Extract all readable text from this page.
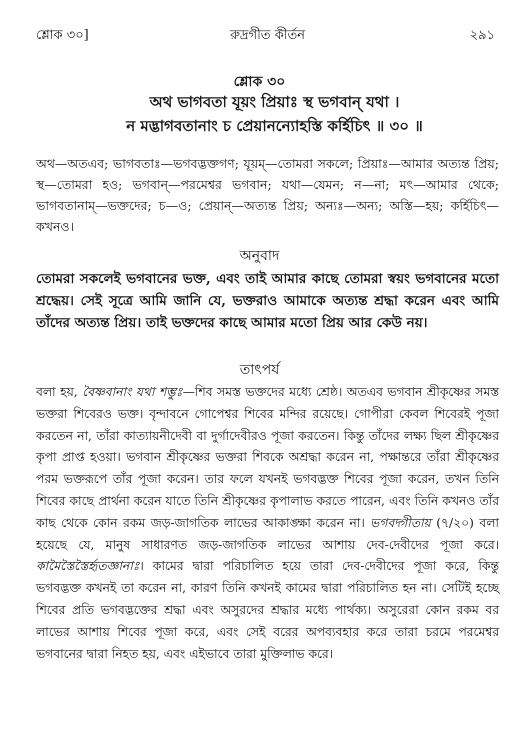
শ্লোক ৩০]	রুদ্রগীত কীর্তন	২৯১
শ্লোক ৩০
অথ ভাগবতা যূয়ং প্রিয়াঃ স্থ ভগবান্ যথা ।
ন মদ্ভাগবতানাং চ প্রেয়ানন্যোহস্তি কর্হিচিৎ ॥ ৩০ ॥
অথ—অতএব; ভাগবতাঃ—ভগবদ্ভক্তগণ; যূয়ম্—তোমরা সকলে; প্রিয়াঃ—আমার অত্যন্ত প্রিয়; স্থ—তোমরা হও; ভগবান্—পরমেশ্বর ভগবান; যথা—যেমন; ন—না; মৎ—আমার থেকে; ভাগবতানাম্—ভক্তদের; চ—ও; প্রেয়ান্—অত্যন্ত প্রিয়; অন্যঃ—অন্য; অস্তি—হয়; কর্হিচিৎ—কখনও।
অনুবাদ
তোমরা সকলেই ভগবানের ভক্ত, এবং তাই আমার কাছে তোমরা স্বয়ং ভগবানের মতো শ্রদ্ধেয়। সেই সূত্রে আমি জানি যে, ভক্তরাও আমাকে অত্যন্ত শ্রদ্ধা করেন এবং আমি তাঁদের অত্যন্ত প্রিয়। তাই ভক্তদের কাছে আমার মতো প্রিয় আর কেউ নয়।
তাৎপর্য
বলা হয়, বৈষ্ণবানাং যথা শম্ভুঃ—শিব সমস্ত ভক্তদের মধ্যে শ্রেষ্ঠ। অতএব ভগবান শ্রীকৃষ্ণের সমস্ত ভক্তরা শিবেরও ভক্ত। বৃন্দাবনে গোপেশ্বর শিবের মন্দির রয়েছে। গোপীরা কেবল শিবেরই পূজা করতেন না, তাঁরা কাত্যায়নীদেবী বা দুর্গাদেবীরও পূজা করতেন। কিন্তু তাঁদের লক্ষ্য ছিল শ্রীকৃষ্ণের কৃপা প্রাপ্ত হওয়া। ভগবান শ্রীকৃষ্ণের ভক্তরা শিবকে অশ্রদ্ধা করেন না, পক্ষান্তরে তাঁরা শ্রীকৃষ্ণের পরম ভক্তরূপে তাঁর পূজা করেন। তার ফলে যখনই ভগবদ্ভক্ত শিবের পূজা করেন, তখন তিনি শিবের কাছে প্রার্থনা করেন যাতে তিনি শ্রীকৃষ্ণের কৃপালাভ করতে পারেন, এবং তিনি কখনও তাঁর কাছ থেকে কোন রকম জড়-জাগতিক লাভের আকাঙ্ক্ষা করেন না। ভগবদ্গীতায় (৭/২০) বলা হয়েছে যে, মানুষ সাধারণত জড়-জাগতিক লাভের আশায় দেব-দেবীদের পূজা করে। কামৈস্তৈস্তৈর্হৃতজ্ঞানাঃ। কামের দ্বারা পরিচালিত হয়ে তারা দেব-দেবীদের পূজা করে, কিন্তু ভগবদ্ভক্ত কখনই তা করেন না, কারণ তিনি কখনই কামের দ্বারা পরিচালিত হন না। সেটিই হচ্ছে শিবের প্রতি ভগবদ্ভক্তের শ্রদ্ধা এবং অসুরদের শ্রদ্ধার মধ্যে পার্থক্য। অসুরেরা কোন রকম বর লাভের আশায় শিবের পূজা করে, এবং সেই বরের অপব্যবহার করে তারা চরমে পরমেশ্বর ভগবানের দ্বারা নিহত হয়, এবং এইভাবে তারা মুক্তিলাভ করে।
